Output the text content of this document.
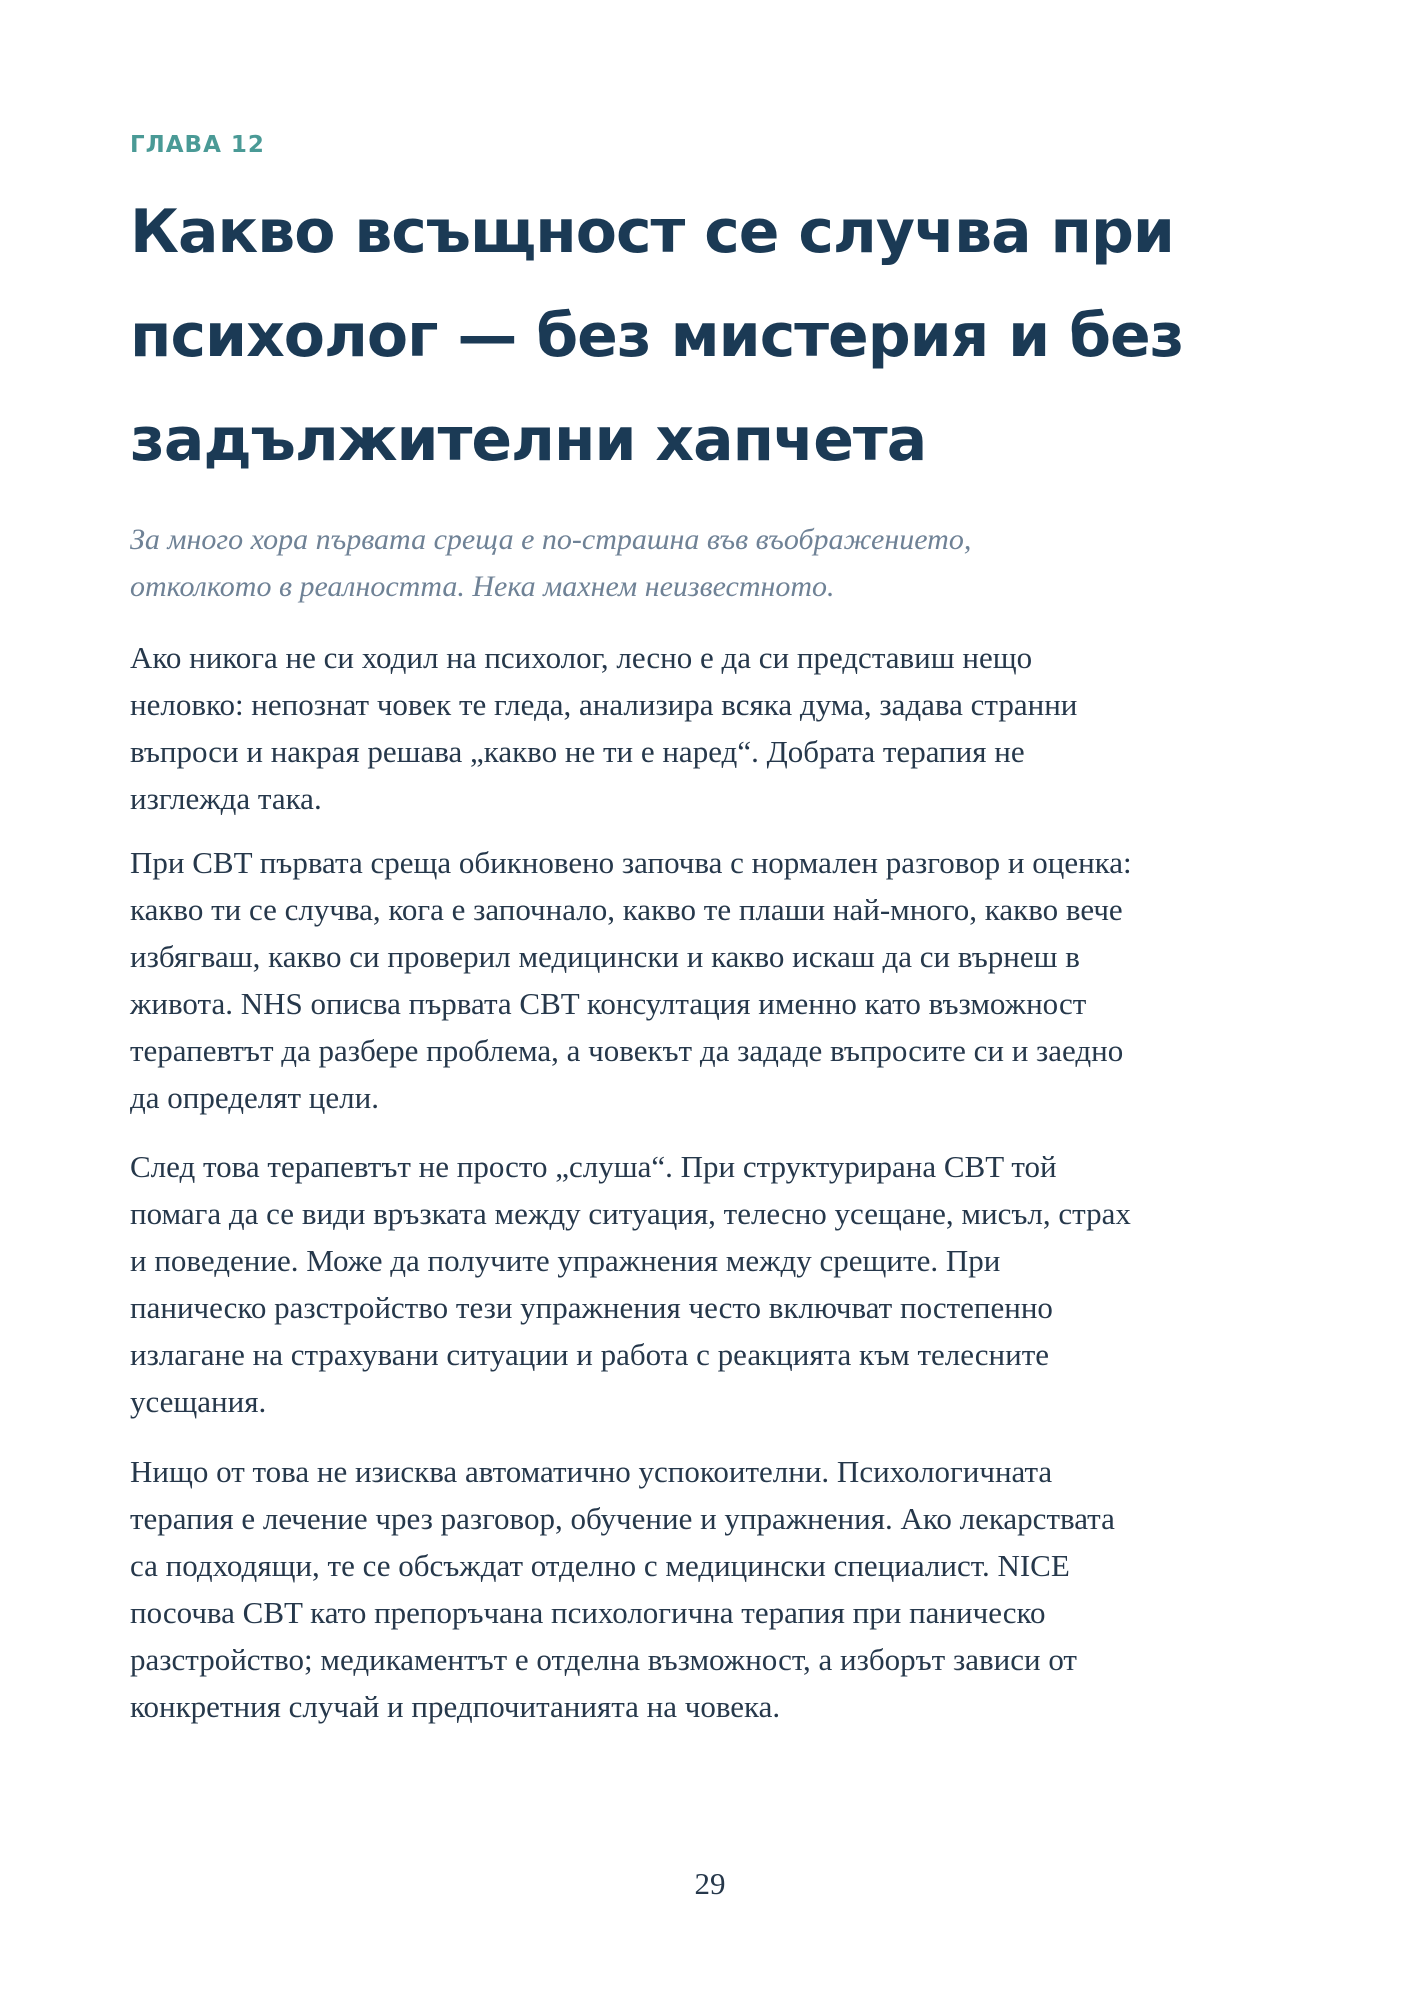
ГЛАВА 12
Какво всъщност се случва при
психолог — без мистерия и без
задължителни хапчета
За много хора първата среща е по-страшна във въображението,
отколкото в реалността. Нека махнем неизвестното.
Ако никога не си ходил на психолог, лесно е да си представиш нещо
неловко: непознат човек те гледа, анализира всяка дума, задава странни
въпроси и накрая решава „какво не ти е наред“. Добрата терапия не
изглежда така.
При CBT първата среща обикновено започва с нормален разговор и оценка:
какво ти се случва, кога е започнало, какво те плаши най-много, какво вече
избягваш, какво си проверил медицински и какво искаш да си върнеш в
живота. NHS описва първата CBT консултация именно като възможност
терапевтът да разбере проблема, а човекът да зададе въпросите си и заедно
да определят цели.
След това терапевтът не просто „слуша“. При структурирана CBT той
помага да се види връзката между ситуация, телесно усещане, мисъл, страх
и поведение. Може да получите упражнения между срещите. При
паническо разстройство тези упражнения често включват постепенно
излагане на страхувани ситуации и работа с реакцията към телесните
усещания.
Нищо от това не изисква автоматично успокоителни. Психологичната
терапия е лечение чрез разговор, обучение и упражнения. Ако лекарствата
са подходящи, те се обсъждат отделно с медицински специалист. NICE
посочва CBT като препоръчана психологична терапия при паническо
разстройство; медикаментът е отделна възможност, а изборът зависи от
конкретния случай и предпочитанията на човека.
29
